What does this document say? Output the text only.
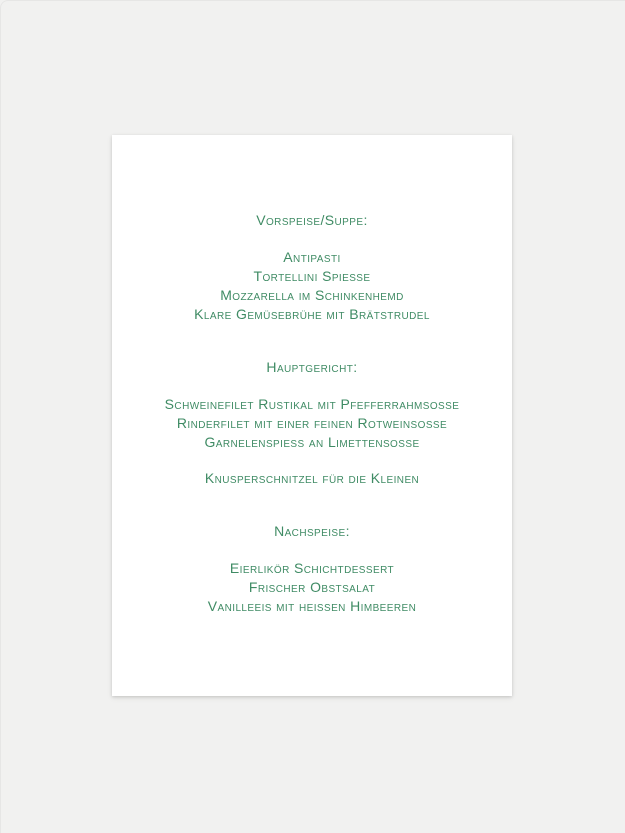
Vorspeise/Suppe:
Antipasti
Tortellini Spiesse
Mozzarella im Schinkenhemd
Klare Gemüsebrühe mit Brätstrudel
Hauptgericht:
Schweinefilet Rustikal mit Pfefferrahmsosse
Rinderfilet mit einer feinen Rotweinsosse
Garnelenspiess an Limettensosse
Knusperschnitzel für die Kleinen
Nachspeise:
Eierlikör Schichtdessert
Frischer Obstsalat
Vanilleeis mit heissen Himbeeren
